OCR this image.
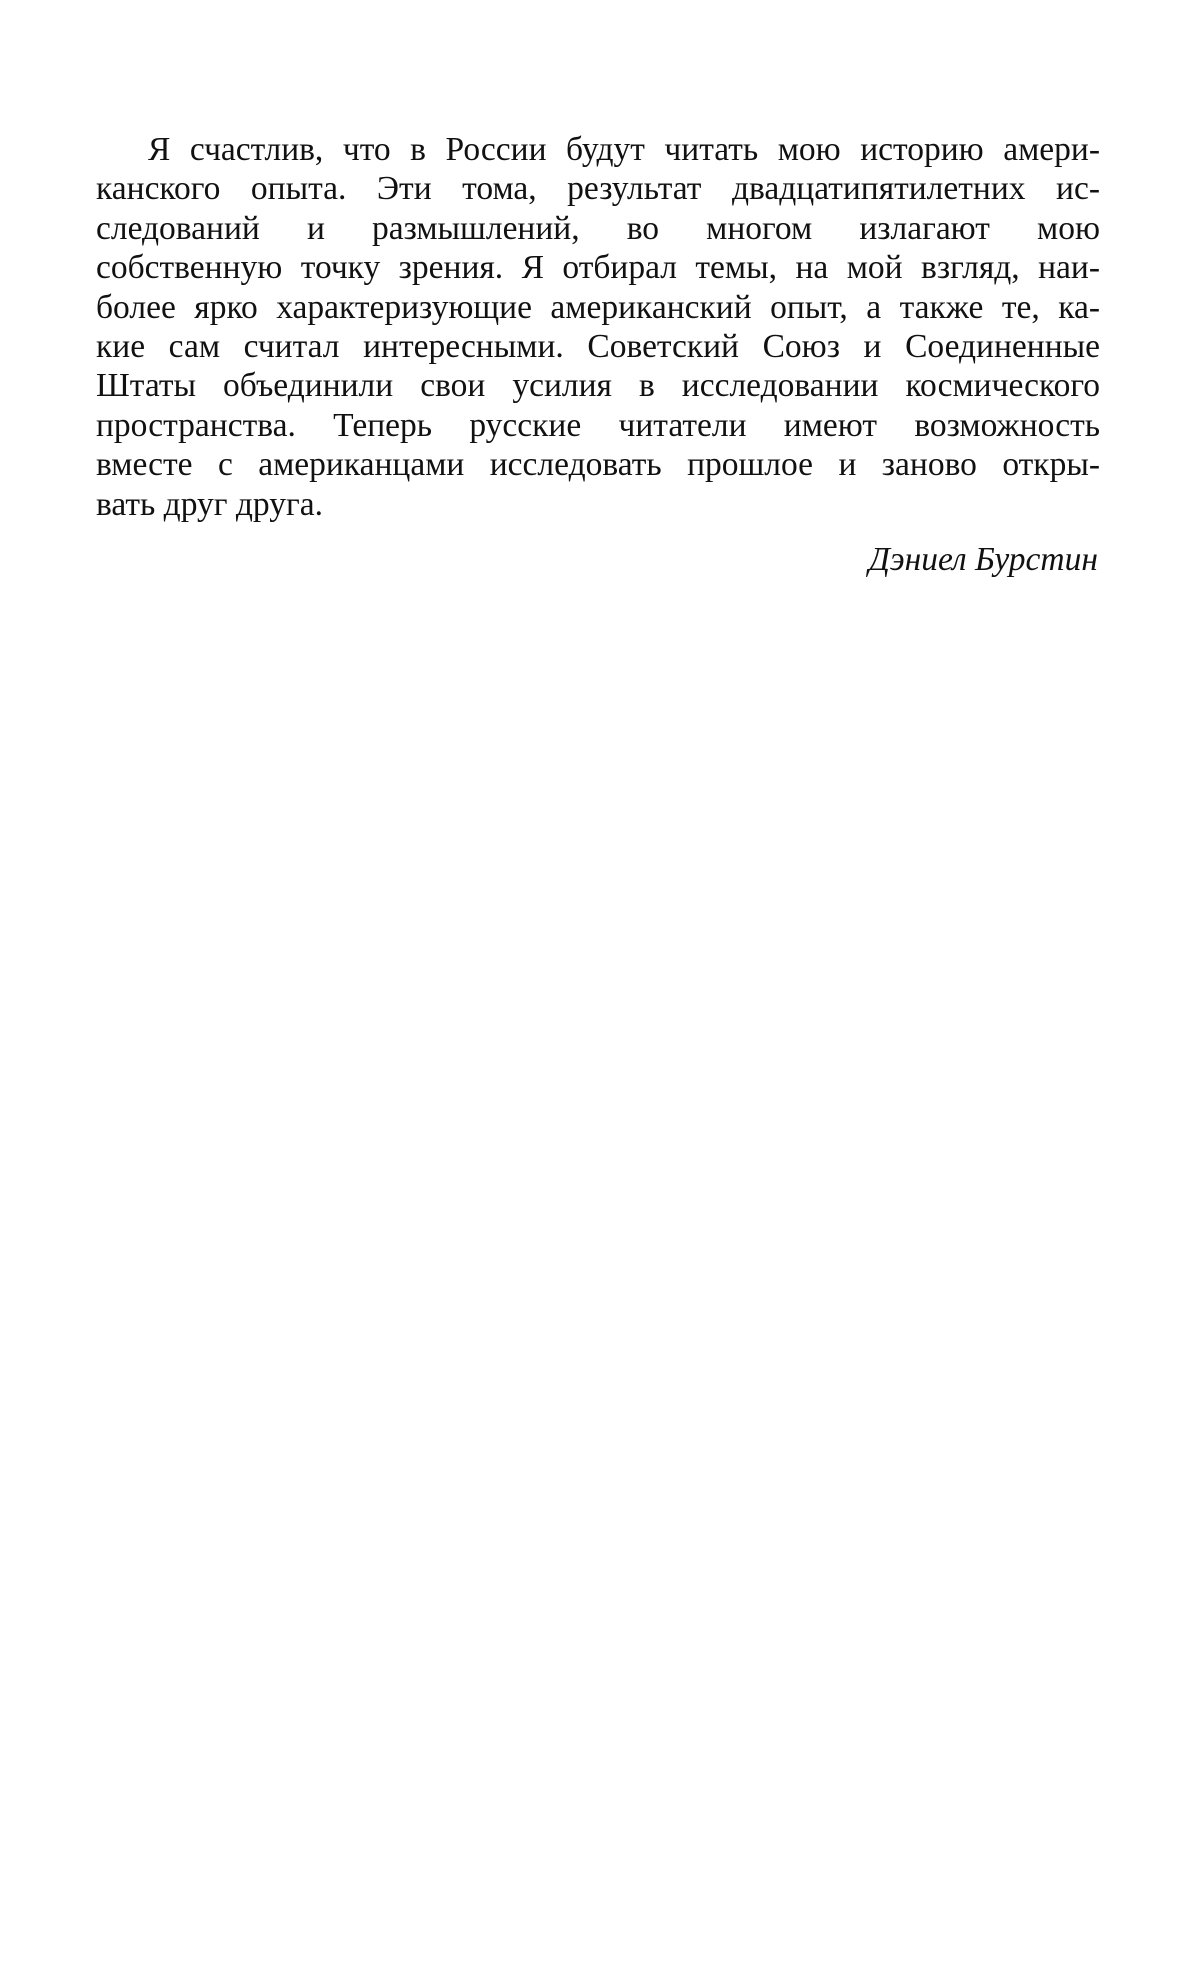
Я счастлив, что в России будут читать мою историю амери-
канского опыта. Эти тома, результат двадцатипятилетних ис-
следований и размышлений, во многом излагают мою
собственную точку зрения. Я отбирал темы, на мой взгляд, наи-
более ярко характеризующие американский опыт, а также те, ка-
кие сам считал интересными. Советский Союз и Соединенные
Штаты объединили свои усилия в исследовании космического
пространства. Теперь русские читатели имеют возможность
вместе с американцами исследовать прошлое и заново откры-
вать друг друга.
Дэниел Бурстин
